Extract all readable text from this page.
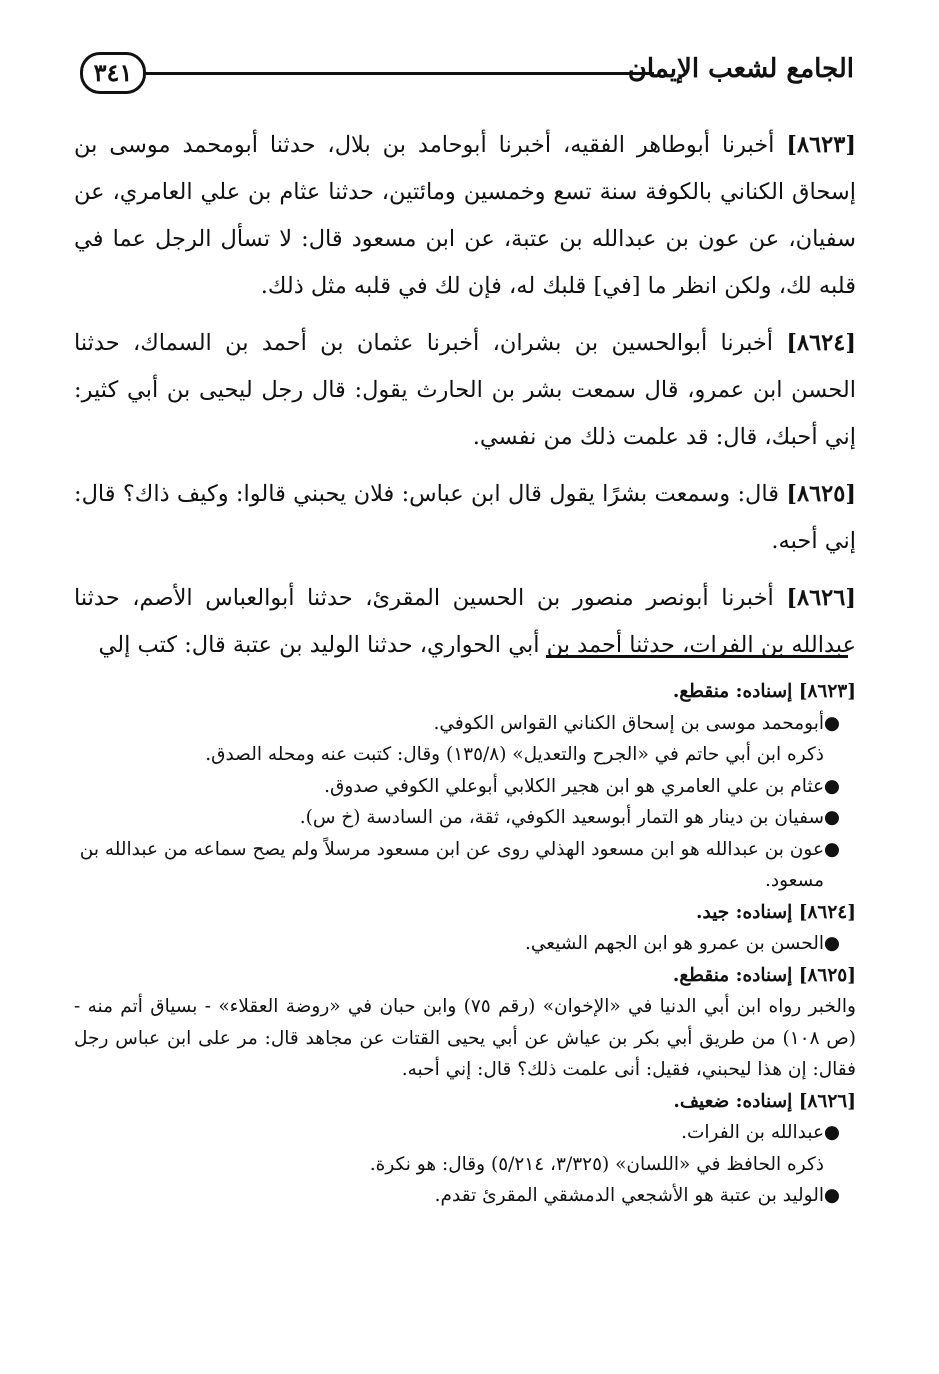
٣٤١	الجامع لشعب الإيمان

[٨٦٢٣] أخبرنا أبوطاهر الفقيه، أخبرنا أبوحامد بن بلال، حدثنا أبومحمد موسى بن إسحاق الكناني بالكوفة سنة تسع وخمسين ومائتين، حدثنا عثام بن علي العامري، عن سفيان، عن عون بن عبدالله بن عتبة، عن ابن مسعود قال: لا تسأل الرجل عما في قلبه لك، ولكن انظر ما [في] قلبك له، فإن لك في قلبه مثل ذلك.

[٨٦٢٤] أخبرنا أبوالحسين بن بشران، أخبرنا عثمان بن أحمد بن السماك، حدثنا الحسن ابن عمرو، قال سمعت بشر بن الحارث يقول: قال رجل ليحيى بن أبي كثير: إني أحبك، قال: قد علمت ذلك من نفسي.

[٨٦٢٥] قال: وسمعت بشرًا يقول قال ابن عباس: فلان يحبني قالوا: وكيف ذاك؟ قال: إني أحبه.

[٨٦٢٦] أخبرنا أبونصر منصور بن الحسين المقرئ، حدثنا أبوالعباس الأصم، حدثنا عبدالله بن الفرات، حدثنا أحمد بن أبي الحواري، حدثنا الوليد بن عتبة قال: كتب إلي

[٨٦٢٣] إسناده: منقطع.

●
أبومحمد موسى بن إسحاق الكناني القواس الكوفي.
ذكره ابن أبي حاتم في «الجرح والتعديل» (١٣٥/٨) وقال: كتبت عنه ومحله الصدق.
●
عثام بن علي العامري هو ابن هجير الكلابي أبوعلي الكوفي صدوق.
●
سفيان بن دينار هو التمار أبوسعيد الكوفي، ثقة، من السادسة (خ س).
●
عون بن عبدالله هو ابن مسعود الهذلي روى عن ابن مسعود مرسلاً ولم يصح سماعه من عبدالله بن مسعود.

[٨٦٢٤] إسناده: جيد.

●
الحسن بن عمرو هو ابن الجهم الشيعي.

[٨٦٢٥] إسناده: منقطع.

والخبر رواه ابن أبي الدنيا في «الإخوان» (رقم ٧٥) وابن حبان في «روضة العقلاء» - بسياق أتم منه - (ص ١٠٨) من طريق أبي بكر بن عياش عن أبي يحيى القتات عن مجاهد قال: مر على ابن عباس رجل فقال: إن هذا ليحبني، فقيل: أنى علمت ذلك؟ قال: إني أحبه.

[٨٦٢٦] إسناده: ضعيف.

●
عبدالله بن الفرات.
ذكره الحافظ في «اللسان» (٣/٣٢٥، ٥/٢١٤) وقال: هو نكرة.
●
الوليد بن عتبة هو الأشجعي الدمشقي المقرئ تقدم.
